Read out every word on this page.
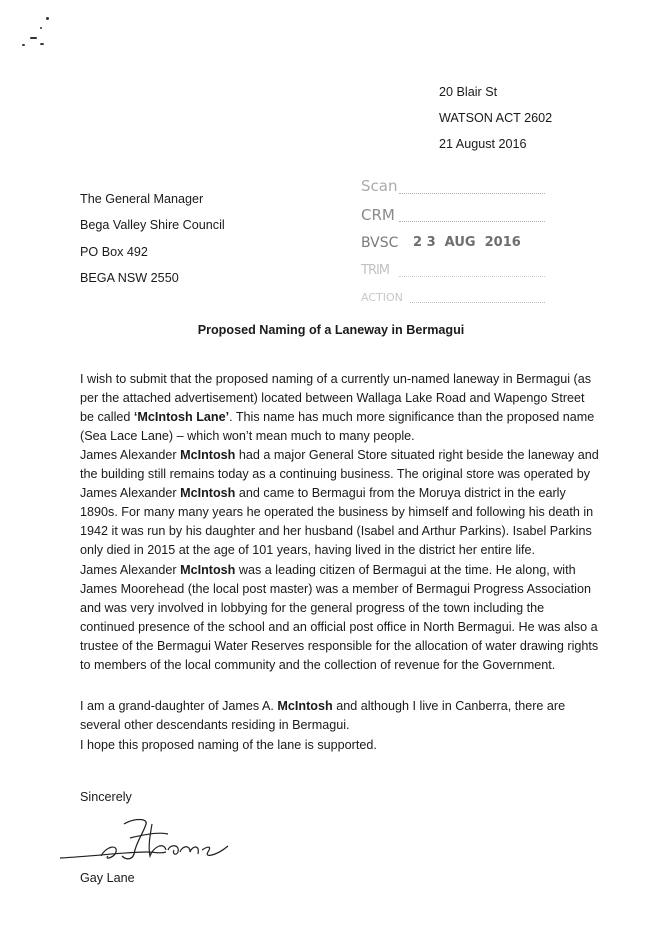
20 Blair St
WATSON ACT 2602
21 August 2016
The General Manager
Bega Valley Shire Council
PO Box 492
BEGA NSW 2550
Scan
CRM
BVSC 2 3  AUG  2016
TRIM
ACTION
Proposed Naming of a Laneway in Bermagui

I wish to submit that the proposed naming of a currently un-named laneway in Bermagui (as per the attached advertisement) located between Wallaga Lake Road and Wapengo Street be called ‘McIntosh Lane’. This name has much more significance than the proposed name (Sea Lace Lane) – which won’t mean much to many people.

James Alexander McIntosh had a major General Store situated right beside the laneway and the building still remains today as a continuing business. The original store was operated by James Alexander McIntosh and came to Bermagui from the Moruya district in the early 1890s. For many many years he operated the business by himself and following his death in 1942 it was run by his daughter and her husband (Isabel and Arthur Parkins). Isabel Parkins only died in 2015 at the age of 101 years, having lived in the district her entire life.

James Alexander McIntosh was a leading citizen of Bermagui at the time. He along, with James Moorehead (the local post master) was a member of Bermagui Progress Association and was very involved in lobbying for the general progress of the town including the continued presence of the school and an official post office in North Bermagui. He was also a trustee of the Bermagui Water Reserves responsible for the allocation of water drawing rights to members of the local community and the collection of revenue for the Government.

I am a grand-daughter of James A. McIntosh and although I live in Canberra, there are several other descendants residing in Bermagui.

I hope this proposed naming of the lane is supported.

Sincerely
Gay Lane
